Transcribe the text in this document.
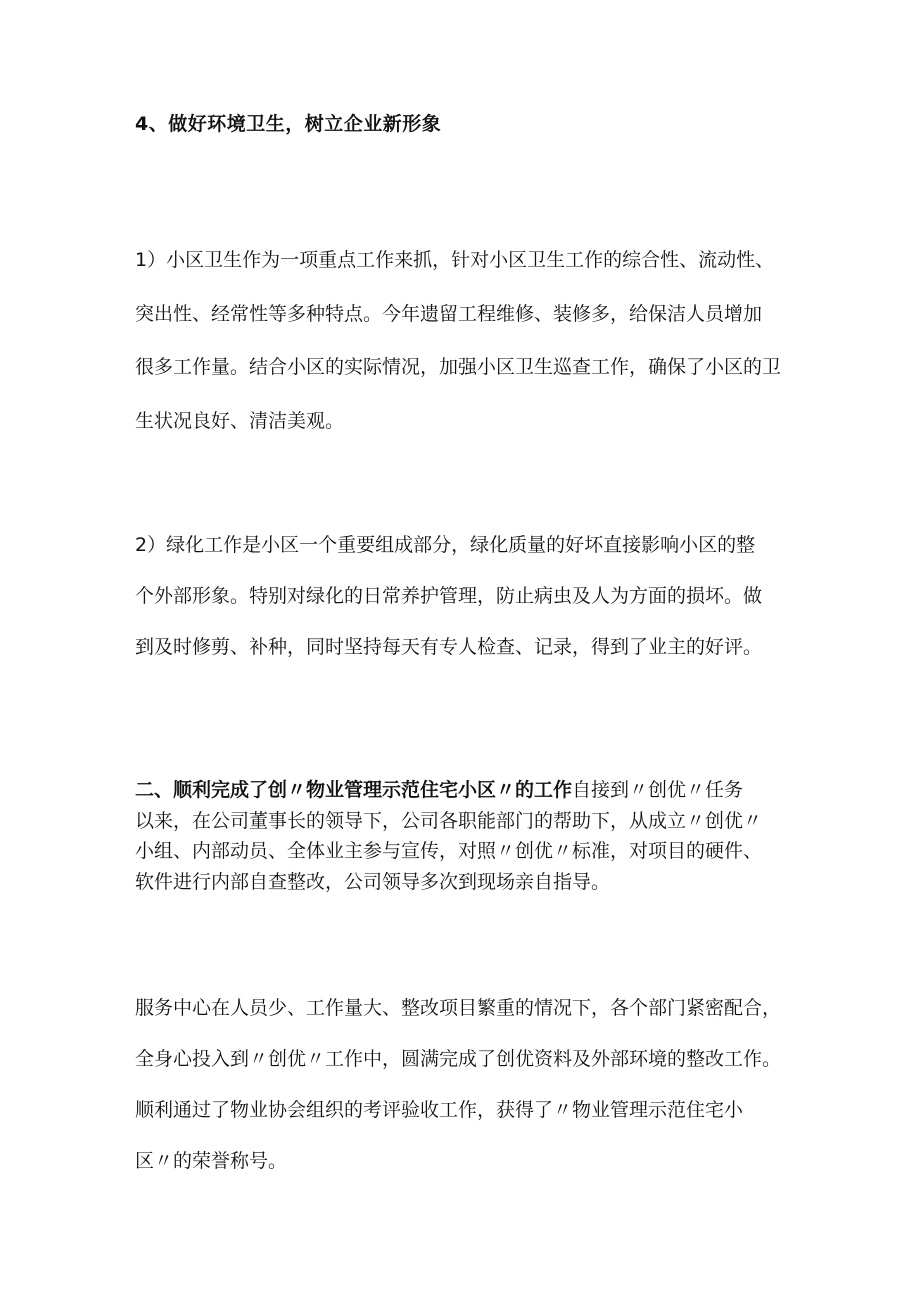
4、做好环境卫生，树立企业新形象
1）小区卫生作为一项重点工作来抓，针对小区卫生工作的综合性、流动性、
突出性、经常性等多种特点。今年遗留工程维修、装修多，给保洁人员增加
很多工作量。结合小区的实际情况，加强小区卫生巡查工作，确保了小区的卫
生状况良好、清洁美观。
2）绿化工作是小区一个重要组成部分，绿化质量的好坏直接影响小区的整
个外部形象。特别对绿化的日常养护管理，防止病虫及人为方面的损坏。做
到及时修剪、补种，同时坚持每天有专人检查、记录，得到了业主的好评。
二、顺利完成了创〃物业管理示范住宅小区〃的工作自接到〃创优〃任务
以来，在公司董事长的领导下，公司各职能部门的帮助下，从成立〃创优〃
小组、内部动员、全体业主参与宣传，对照〃创优〃标准，对项目的硬件、
软件进行内部自查整改，公司领导多次到现场亲自指导。
服务中心在人员少、工作量大、整改项目繁重的情况下，各个部门紧密配合，
全身心投入到〃创优〃工作中，圆满完成了创优资料及外部环境的整改工作。
顺利通过了物业协会组织的考评验收工作，获得了〃物业管理示范住宅小
区〃的荣誉称号。
